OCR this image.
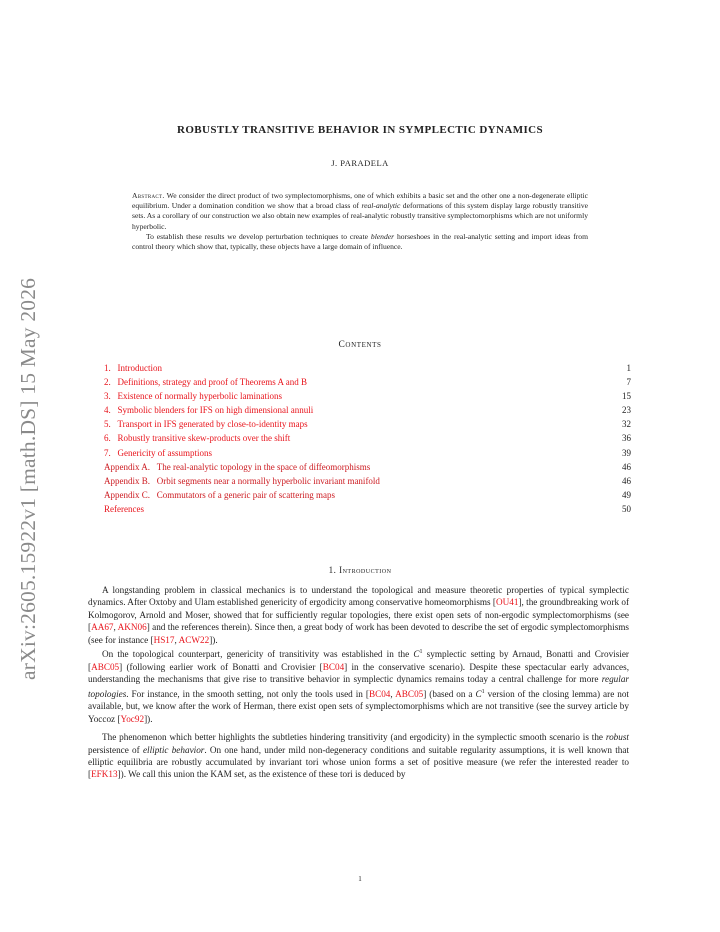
arXiv:2605.15922v1 [math.DS] 15 May 2026
ROBUSTLY TRANSITIVE BEHAVIOR IN SYMPLECTIC DYNAMICS
J. PARADELA

Abstract. We consider the direct product of two symplectomorphisms, one of which exhibits a basic set and the other one a non-degenerate elliptic equilibrium. Under a domination condition we show that a broad class of real-analytic deformations of this system display large robustly transitive sets. As a corollary of our construction we also obtain new examples of real-analytic robustly transitive symplectomorphisms which are not uniformly hyperbolic.

To establish these results we develop perturbation techniques to create blender horseshoes in the real-analytic setting and import ideas from control theory which show that, typically, these objects have a large domain of influence.

Contents
1. Introduction	1
2. Definitions, strategy and proof of Theorems A and B	7
3. Existence of normally hyperbolic laminations	15
4. Symbolic blenders for IFS on high dimensional annuli	23
5. Transport in IFS generated by close-to-identity maps	32
6. Robustly transitive skew-products over the shift	36
7. Genericity of assumptions	39
Appendix A. The real-analytic topology in the space of diffeomorphisms	46
Appendix B. Orbit segments near a normally hyperbolic invariant manifold	46
Appendix C. Commutators of a generic pair of scattering maps	49
References	50
1. Introduction

A longstanding problem in classical mechanics is to understand the topological and measure theoretic properties of typical symplectic dynamics. After Oxtoby and Ulam established genericity of ergodicity among conservative homeomorphisms [OU41], the groundbreaking work of Kolmogorov, Arnold and Moser, showed that for sufficiently regular topologies, there exist open sets of non-ergodic symplectomorphisms (see [AA67, AKN06] and the references therein). Since then, a great body of work has been devoted to describe the set of ergodic symplectomorphisms (see for instance [HS17, ACW22]).

On the topological counterpart, genericity of transitivity was established in the $C^1$ symplectic setting by Arnaud, Bonatti and Crovisier [ABC05] (following earlier work of Bonatti and Crovisier [BC04] in the conservative scenario). Despite these spectacular early advances, understanding the mechanisms that give rise to transitive behavior in symplectic dynamics remains today a central challenge for more regular topologies. For instance, in the smooth setting, not only the tools used in [BC04, ABC05] (based on a $C^1$ version of the closing lemma) are not available, but, we know after the work of Herman, there exist open sets of symplectomorphisms which are not transitive (see the survey article by Yoccoz [Yoc92]).

The phenomenon which better highlights the subtleties hindering transitivity (and ergodicity) in the symplectic smooth scenario is the robust persistence of elliptic behavior. On one hand, under mild non-degeneracy conditions and suitable regularity assumptions, it is well known that elliptic equilibria are robustly accumulated by invariant tori whose union forms a set of positive measure (we refer the interested reader to [EFK13]). We call this union the KAM set, as the existence of these tori is deduced by

1
